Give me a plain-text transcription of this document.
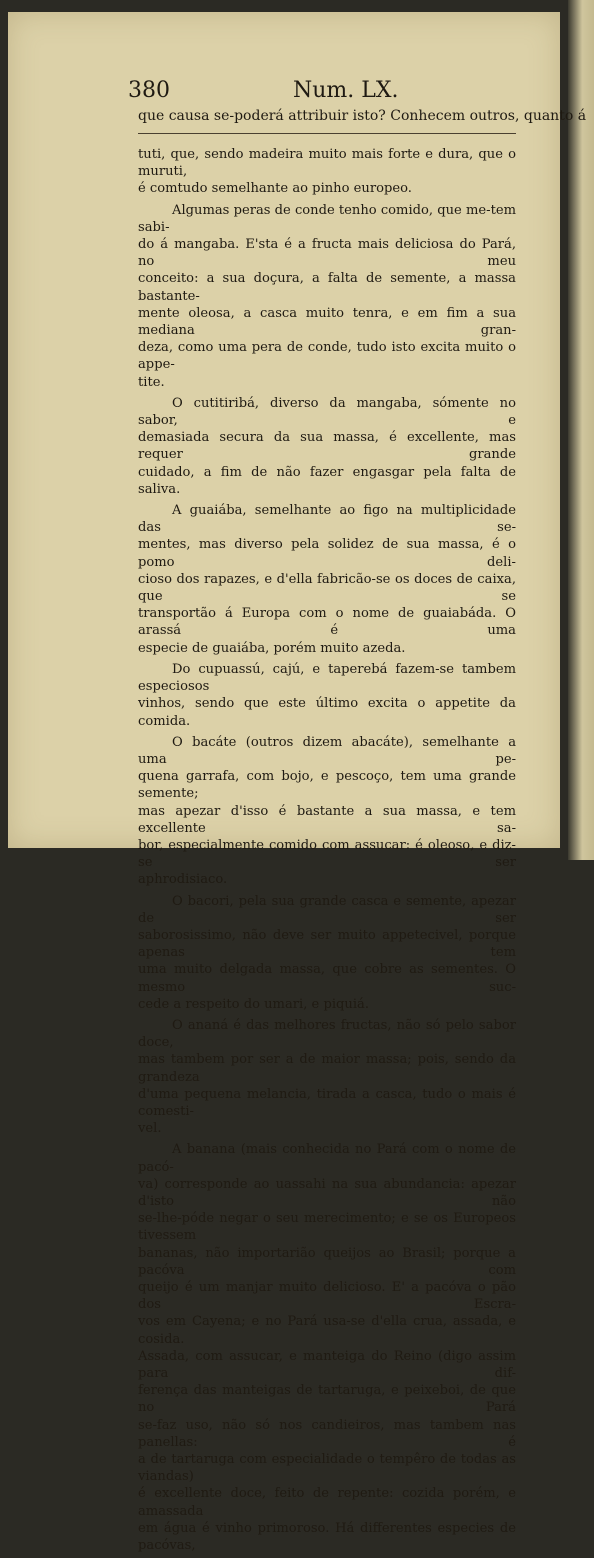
380	Num. LX.
que causa se-poderá attribuir isto? Conhecem outros, quanto á

tuti, que, sendo madeira muito mais forte e dura, que o muruti,

é comtudo semelhante ao pinho europeo.

Algumas peras de conde tenho comido, que me-tem sabi-

do á mangaba. E'sta é a fructa mais deliciosa do Pará, no meu

conceito: a sua doçura, a falta de semente, a massa bastante-

mente oleosa, a casca muito tenra, e em fim a sua mediana gran-

deza, como uma pera de conde, tudo isto excita muito o appe-

tite.

O cutitiribá, diverso da mangaba, sómente no sabor, e

demasiada secura da sua massa, é excellente, mas requer grande

cuidado, a fim de não fazer engasgar pela falta de saliva.

A guaiába, semelhante ao figo na multiplicidade das se-

mentes, mas diverso pela solidez de sua massa, é o pomo deli-

cioso dos rapazes, e d'ella fabricão-se os doces de caixa, que se

transportão á Europa com o nome de guaiabáda. O arassá é uma

especie de guaiába, porém muito azeda.

Do cupuassú, cajú, e taperebá fazem-se tambem especiosos

vinhos, sendo que este último excita o appetite da comida.

O bacáte (outros dizem abacáte), semelhante a uma pe-

quena garrafa, com bojo, e pescoço, tem uma grande semente;

mas apezar d'isso é bastante a sua massa, e tem excellente sa-

bor, especialmente comido com assucar: é oleoso, e diz-se ser

aphrodisiaco.

O bacori, pela sua grande casca e semente, apezar de ser

saborosissimo, não deve ser muito appetecivel, porque apenas tem

uma muito delgada massa, que cobre as sementes. O mesmo suc-

cede a respeito do umari, e piquiá.

O ananá é das melhores fructas, não só pelo sabor doce,

mas tambem por ser a de maior massa; pois, sendo da grandeza

d'uma pequena melancia, tirada a casca, tudo o mais é comesti-

vel.

A banana (mais conhecida no Pará com o nome de pacó-

va) corresponde ao uassahi na sua abundancia: apezar d'isto não

se-lhe-póde negar o seu merecimento; e se os Europeos tivessem

bananas, não importarião queijos ao Brasil; porque a pacóva com

queijo é um manjar muito delicioso. E' a pacóva o pão dos Escra-

vos em Cayena; e no Pará usa-se d'ella crua, assada, e cosida.

Assada, com assucar, e manteiga do Reino (digo assim para dif-

ferença das manteigas de tartaruga, e peixeboi, de que no Pará

se-faz uso, não só nos candieiros, mas tambem nas panellas: é

a de tartaruga com especialidade o tempêro de todas as viandas)

é excellente doce, feito de repente: cozida porém, e amassada

em água é vinho primoroso. Há differentes especies de pacóvas,
